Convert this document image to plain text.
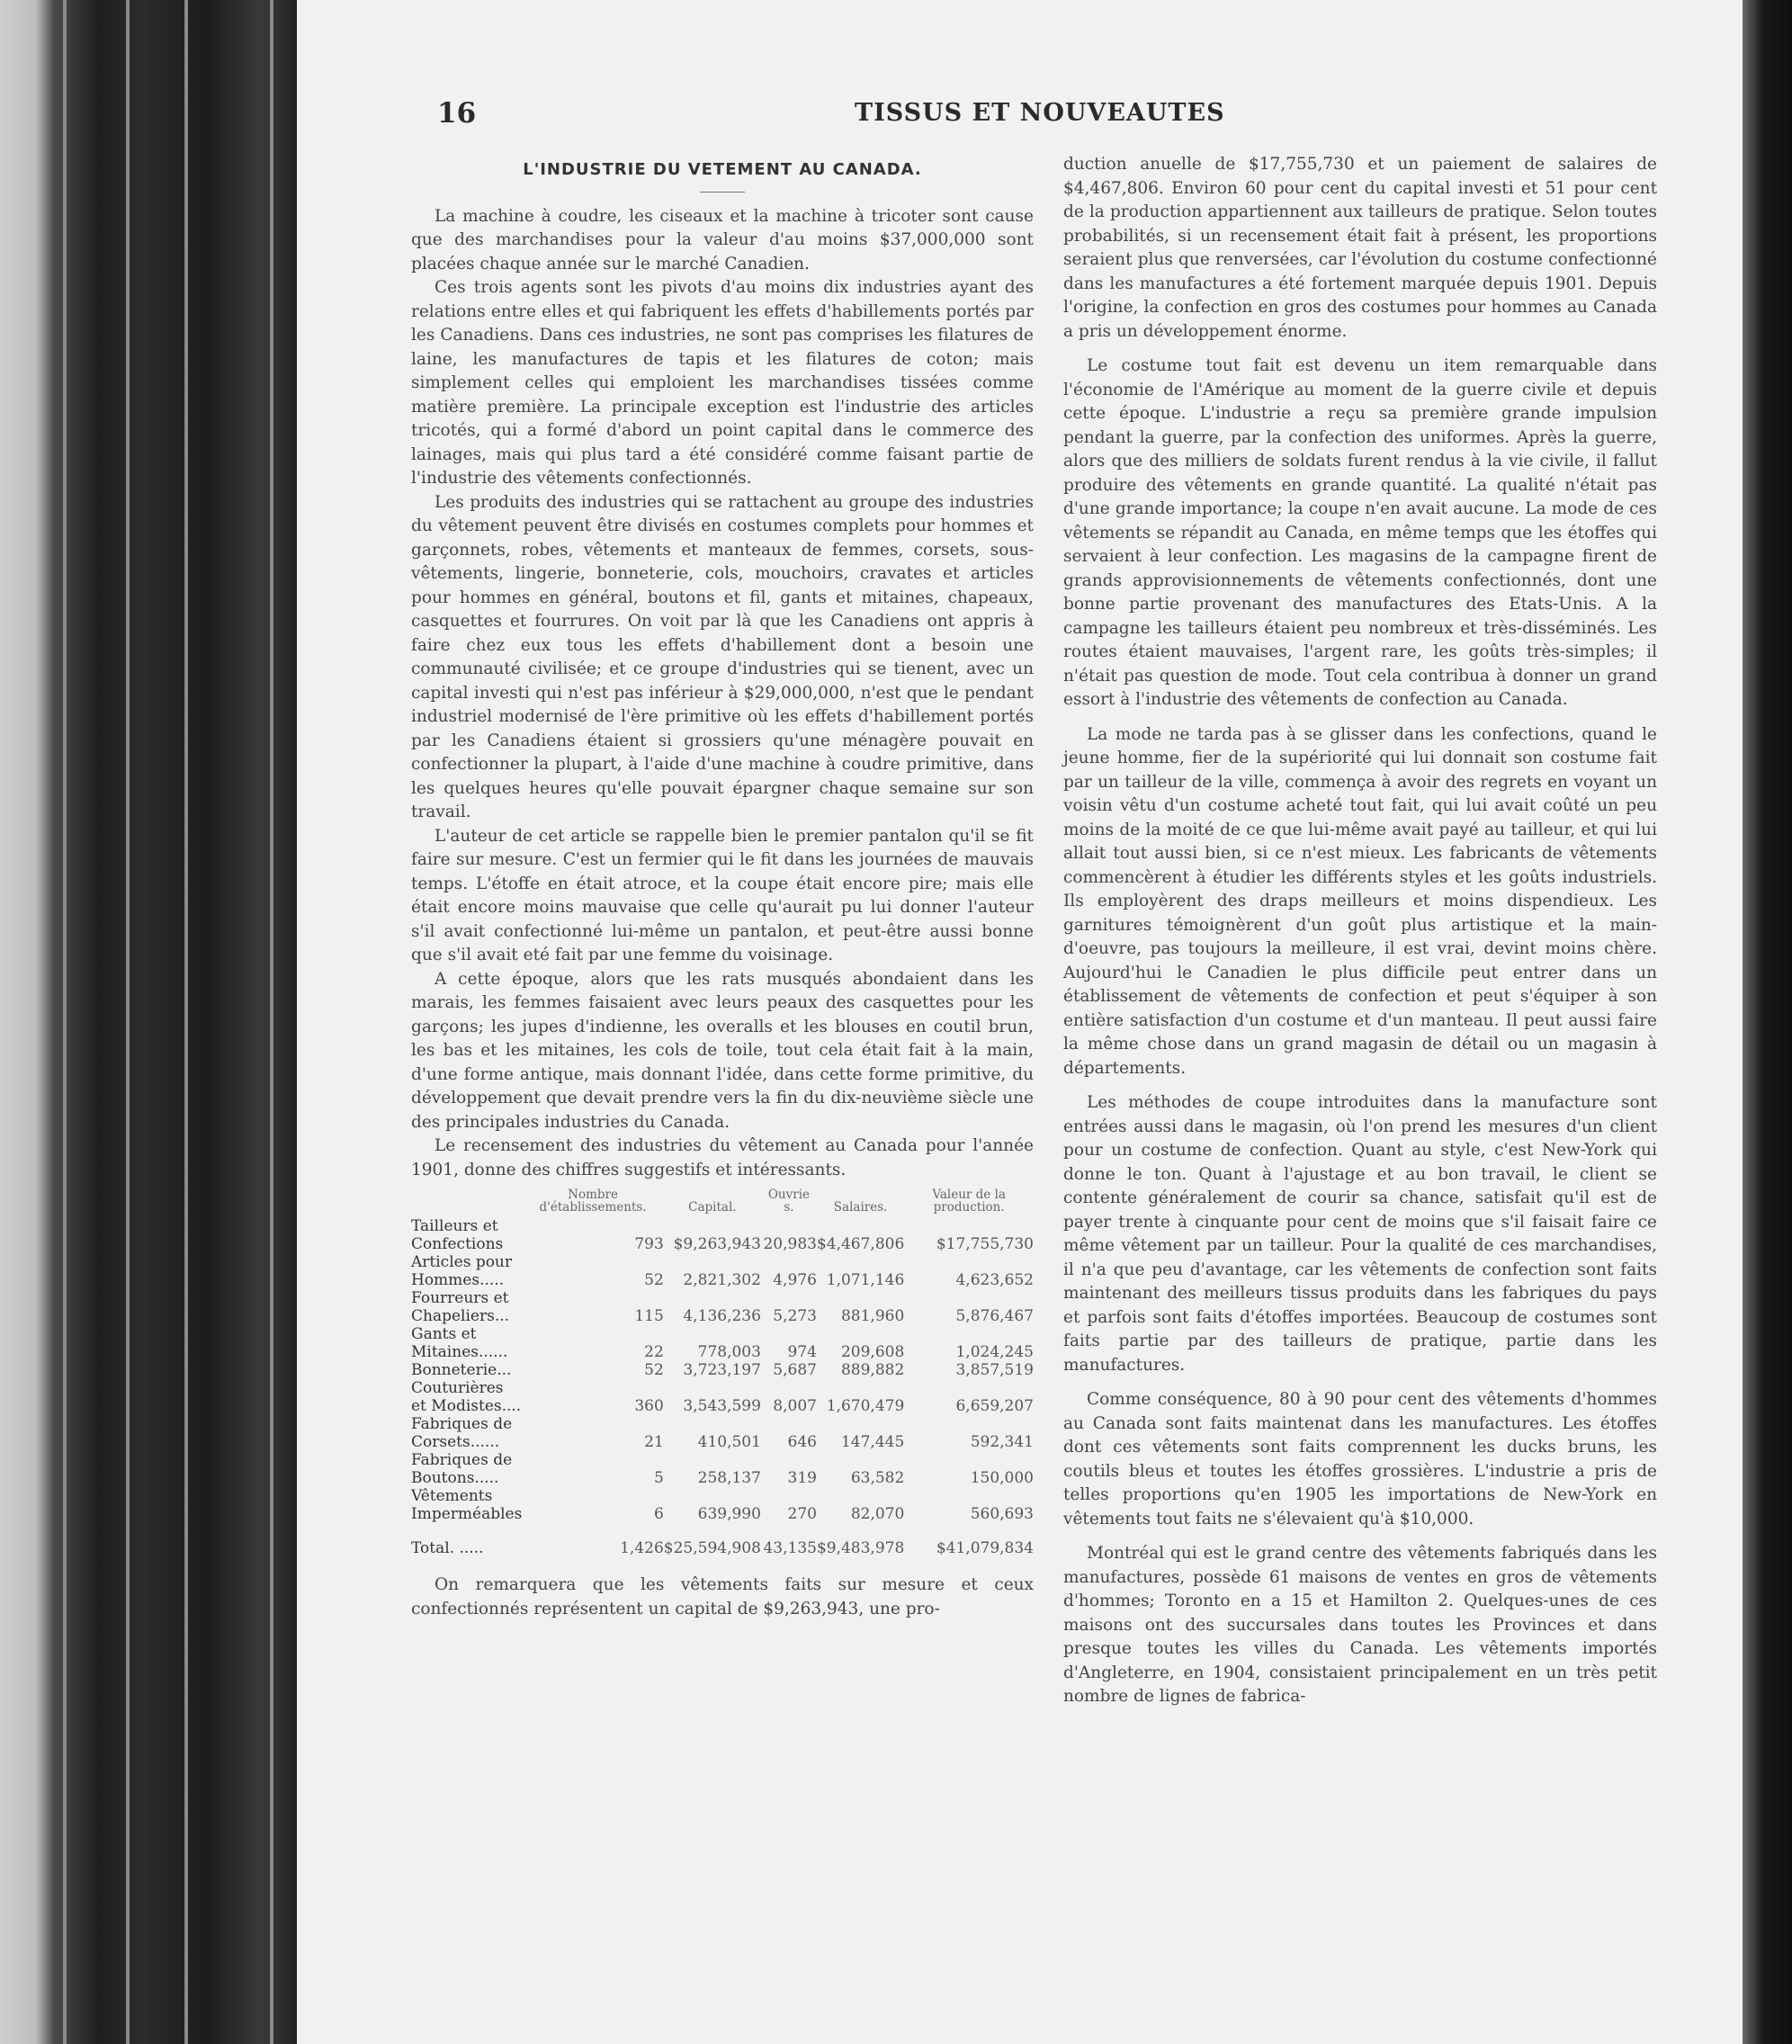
16	TISSUS ET NOUVEAUTES
L'INDUSTRIE DU VETEMENT AU CANADA.

La machine à coudre, les ciseaux et la machine à tricoter sont cause que des marchandises pour la valeur d'au moins $37,000,000 sont placées chaque année sur le marché Canadien.

Ces trois agents sont les pivots d'au moins dix industries ayant des relations entre elles et qui fabriquent les effets d'habillements portés par les Canadiens. Dans ces industries, ne sont pas comprises les filatures de laine, les manufactures de tapis et les filatures de coton; mais simplement celles qui emploient les marchandises tissées comme matière première. La principale exception est l'industrie des articles tricotés, qui a formé d'abord un point capital dans le commerce des lainages, mais qui plus tard a été considéré comme faisant partie de l'industrie des vêtements confectionnés.

Les produits des industries qui se rattachent au groupe des industries du vêtement peuvent être divisés en costumes complets pour hommes et garçonnets, robes, vêtements et manteaux de femmes, corsets, sous-vêtements, lingerie, bonneterie, cols, mouchoirs, cravates et articles pour hommes en général, boutons et fil, gants et mitaines, chapeaux, casquettes et fourrures. On voit par là que les Canadiens ont appris à faire chez eux tous les effets d'habillement dont a besoin une communauté civilisée; et ce groupe d'industries qui se tienent, avec un capital investi qui n'est pas inférieur à $29,000,000, n'est que le pendant industriel modernisé de l'ère primitive où les effets d'habillement portés par les Canadiens étaient si grossiers qu'une ménagère pouvait en confectionner la plupart, à l'aide d'une machine à coudre primitive, dans les quelques heures qu'elle pouvait épargner chaque semaine sur son travail.

L'auteur de cet article se rappelle bien le premier pantalon qu'il se fit faire sur mesure. C'est un fermier qui le fit dans les journées de mauvais temps. L'étoffe en était atroce, et la coupe était encore pire; mais elle était encore moins mauvaise que celle qu'aurait pu lui donner l'auteur s'il avait confectionné lui-même un pantalon, et peut-être aussi bonne que s'il avait eté fait par une femme du voisinage.

A cette époque, alors que les rats musqués abondaient dans les marais, les femmes faisaient avec leurs peaux des casquettes pour les garçons; les jupes d'indienne, les overalls et les blouses en coutil brun, les bas et les mitaines, les cols de toile, tout cela était fait à la main, d'une forme antique, mais donnant l'idée, dans cette forme primitive, du développement que devait prendre vers la fin du dix-neuvième siècle une des principales industries du Canada.

Le recensement des industries du vêtement au Canada pour l'année 1901, donne des chiffres suggestifs et intéressants.

	Nombre d'établissements.	Capital.	Ouvrie s.	Salaires.	Valeur de la production.
Tailleurs et Confections	793	$9,263,943	20,983	$4,467,806	$17,755,730
Articles pour Hommes.....	52	2,821,302	4,976	1,071,146	4,623,652
Fourreurs et Chapeliers...	115	4,136,236	5,273	881,960	5,876,467
Gants et Mitaines......	22	778,003	974	209,608	1,024,245
Bonneterie...	52	3,723,197	5,687	889,882	3,857,519
Couturières et Modistes....	360	3,543,599	8,007	1,670,479	6,659,207
Fabriques de Corsets......	21	410,501	646	147,445	592,341
Fabriques de Boutons.....	5	258,137	319	63,582	150,000
Vêtements Imperméables	6	639,990	270	82,070	560,693
Total. .....	1,426	$25,594,908	43,135	$9,483,978	$41,079,834

On remarquera que les vêtements faits sur mesure et ceux confectionnés représentent un capital de $9,263,943, une pro-

duction anuelle de $17,755,730 et un paiement de salaires de $4,467,806. Environ 60 pour cent du capital investi et 51 pour cent de la production appartiennent aux tailleurs de pratique. Selon toutes probabilités, si un recensement était fait à présent, les proportions seraient plus que renversées, car l'évolution du costume confectionné dans les manufactures a été fortement marquée depuis 1901. Depuis l'origine, la confection en gros des costumes pour hommes au Canada a pris un développement énorme.

Le costume tout fait est devenu un item remarquable dans l'économie de l'Amérique au moment de la guerre civile et depuis cette époque. L'industrie a reçu sa première grande impulsion pendant la guerre, par la confection des uniformes. Après la guerre, alors que des milliers de soldats furent rendus à la vie civile, il fallut produire des vêtements en grande quantité. La qualité n'était pas d'une grande importance; la coupe n'en avait aucune. La mode de ces vêtements se répandit au Canada, en même temps que les étoffes qui servaient à leur confection. Les magasins de la campagne firent de grands approvisionnements de vêtements confectionnés, dont une bonne partie provenant des manufactures des Etats-Unis. A la campagne les tailleurs étaient peu nombreux et très-disséminés. Les routes étaient mauvaises, l'argent rare, les goûts très-simples; il n'était pas question de mode. Tout cela contribua à donner un grand essort à l'industrie des vêtements de confection au Canada.

La mode ne tarda pas à se glisser dans les confections, quand le jeune homme, fier de la supériorité qui lui donnait son costume fait par un tailleur de la ville, commença à avoir des regrets en voyant un voisin vêtu d'un costume acheté tout fait, qui lui avait coûté un peu moins de la moité de ce que lui-même avait payé au tailleur, et qui lui allait tout aussi bien, si ce n'est mieux. Les fabricants de vêtements commencèrent à étudier les différents styles et les goûts industriels. Ils employèrent des draps meilleurs et moins dispendieux. Les garnitures témoignèrent d'un goût plus artistique et la main-d'oeuvre, pas toujours la meilleure, il est vrai, devint moins chère. Aujourd'hui le Canadien le plus difficile peut entrer dans un établissement de vêtements de confection et peut s'équiper à son entière satisfaction d'un costume et d'un manteau. Il peut aussi faire la même chose dans un grand magasin de détail ou un magasin à départements.

Les méthodes de coupe introduites dans la manufacture sont entrées aussi dans le magasin, où l'on prend les mesures d'un client pour un costume de confection. Quant au style, c'est New-York qui donne le ton. Quant à l'ajustage et au bon travail, le client se contente généralement de courir sa chance, satisfait qu'il est de payer trente à cinquante pour cent de moins que s'il faisait faire ce même vêtement par un tailleur. Pour la qualité de ces marchandises, il n'a que peu d'avantage, car les vêtements de confection sont faits maintenant des meilleurs tissus produits dans les fabriques du pays et parfois sont faits d'étoffes importées. Beaucoup de costumes sont faits partie par des tailleurs de pratique, partie dans les manufactures.

Comme conséquence, 80 à 90 pour cent des vêtements d'hommes au Canada sont faits maintenat dans les manufactures. Les étoffes dont ces vêtements sont faits comprennent les ducks bruns, les coutils bleus et toutes les étoffes grossières. L'industrie a pris de telles proportions qu'en 1905 les importations de New-York en vêtements tout faits ne s'élevaient qu'à $10,000.

Montréal qui est le grand centre des vêtements fabriqués dans les manufactures, possède 61 maisons de ventes en gros de vêtements d'hommes; Toronto en a 15 et Hamilton 2. Quelques-unes de ces maisons ont des succursales dans toutes les Provinces et dans presque toutes les villes du Canada. Les vêtements importés d'Angleterre, en 1904, consistaient principalement en un très petit nombre de lignes de fabrica-
